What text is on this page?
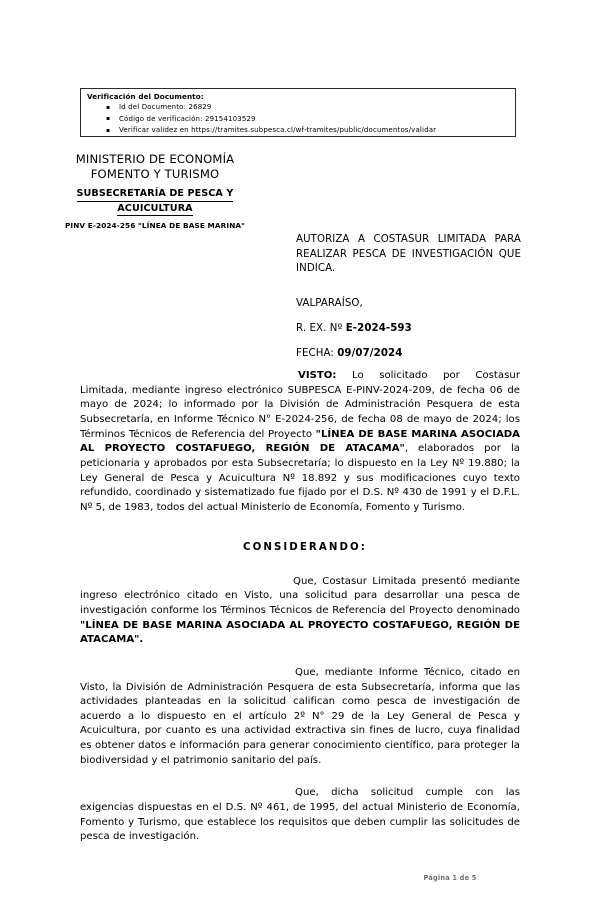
Verificación del Documento:
▪ Id del Documento: 26829
▪ Código de verificación: 29154103529
▪ Verificar validez en https://tramites.subpesca.cl/wf-tramites/public/documentos/validar
MINISTERIO DE ECONOMÍA
FOMENTO Y TURISMO
SUBSECRETARÍA DE PESCA Y
ACUICULTURA
PINV E-2024-256 "LÍNEA DE BASE MARINA"
AUTORIZA A COSTASUR LIMITADA PARA REALIZAR PESCA DE INVESTIGACIÓN QUE INDICA.
VALPARAÍSO,
R. EX. Nº E-2024-593
FECHA: 09/07/2024

VISTO: Lo solicitado por Costasur Limitada, mediante ingreso electrónico SUBPESCA E-PINV-2024-209, de fecha 06 de mayo de 2024; lo informado por la División de Administración Pesquera de esta Subsecretaría, en Informe Técnico N° E-2024-256, de fecha 08 de mayo de 2024; los Términos Técnicos de Referencia del Proyecto "LÍNEA DE BASE MARINA ASOCIADA AL PROYECTO COSTAFUEGO, REGIÓN DE ATACAMA", elaborados por la peticionaria y aprobados por esta Subsecretaría; lo dispuesto en la Ley Nº 19.880; la Ley General de Pesca y Acuicultura Nº 18.892 y sus modificaciones cuyo texto refundido, coordinado y sistematizado fue fijado por el D.S. Nº 430 de 1991 y el D.F.L. Nº 5, de 1983, todos del actual Ministerio de Economía, Fomento y Turismo.

CONSIDERANDO:

Que, Costasur Limitada presentó mediante ingreso electrónico citado en Visto, una solicitud para desarrollar una pesca de investigación conforme los Términos Técnicos de Referencia del Proyecto denominado "LÍNEA DE BASE MARINA ASOCIADA AL PROYECTO COSTAFUEGO, REGIÓN DE ATACAMA".

Que, mediante Informe Técnico, citado en Visto, la División de Administración Pesquera de esta Subsecretaría, informa que las actividades planteadas en la solicitud califican como pesca de investigación de acuerdo a lo dispuesto en el artículo 2º N° 29 de la Ley General de Pesca y Acuicultura, por cuanto es una actividad extractiva sin fines de lucro, cuya finalidad es obtener datos e información para generar conocimiento científico, para proteger la biodiversidad y el patrimonio sanitario del país.

Que, dicha solicitud cumple con las exigencias dispuestas en el D.S. Nº 461, de 1995, del actual Ministerio de Economía, Fomento y Turismo, que establece los requisitos que deben cumplir las solicitudes de pesca de investigación.

Página 1 de 5
